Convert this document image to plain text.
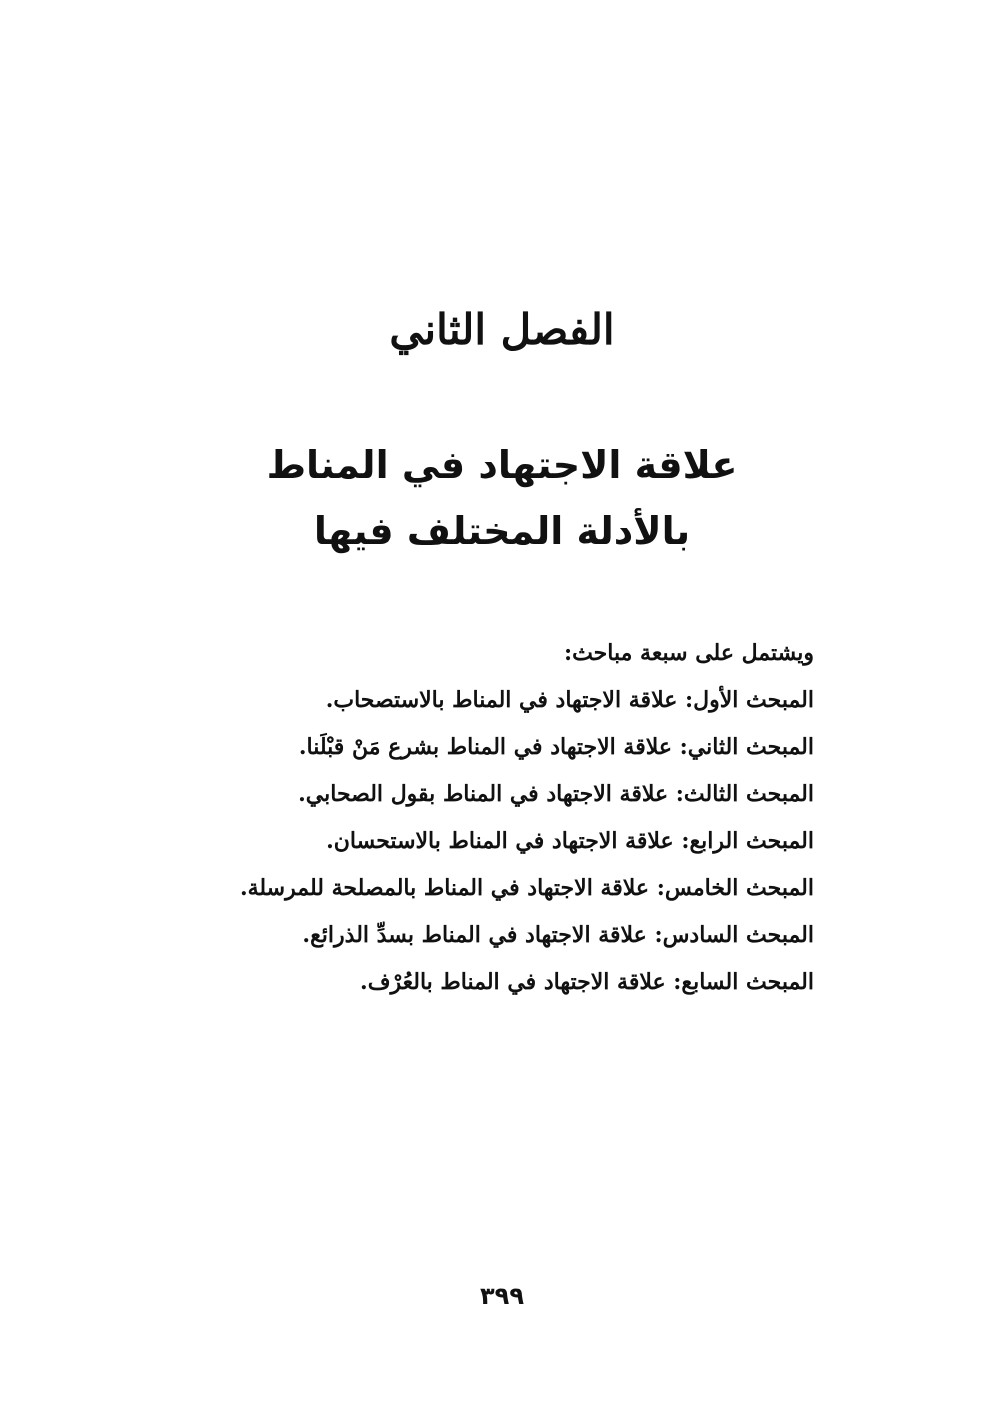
الفصل الثاني
علاقة الاجتهاد في المناط
بالأدلة المختلف فيها
ويشتمل على سبعة مباحث:
المبحث الأول: علاقة الاجتهاد في المناط بالاستصحاب.
المبحث الثاني: علاقة الاجتهاد في المناط بشرع مَنْ قبْلَنا.
المبحث الثالث: علاقة الاجتهاد في المناط بقول الصحابي.
المبحث الرابع: علاقة الاجتهاد في المناط بالاستحسان.
المبحث الخامس: علاقة الاجتهاد في المناط بالمصلحة للمرسلة.
المبحث السادس: علاقة الاجتهاد في المناط بسدِّ الذرائع.
المبحث السابع: علاقة الاجتهاد في المناط بالعُرْف.
٣٩٩
